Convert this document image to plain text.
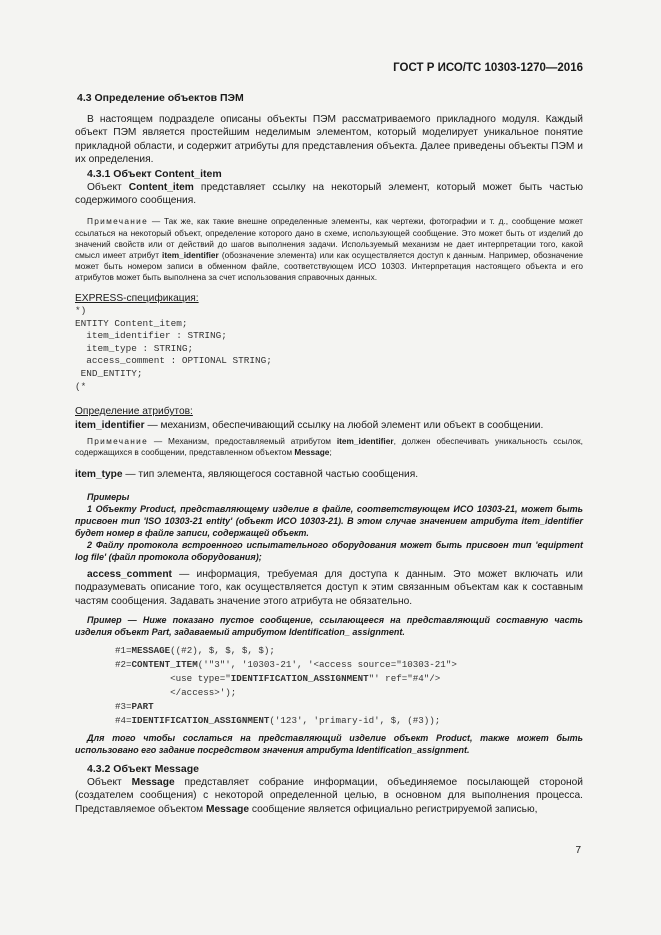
ГОСТ Р ИСО/ТС 10303-1270—2016
4.3 Определение объектов ПЭМ

В настоящем подразделе описаны объекты ПЭМ рассматриваемого прикладного модуля. Каждый объект ПЭМ является простейшим неделимым элементом, который моделирует уникальное понятие прикладной области, и содержит атрибуты для представления объекта. Далее приведены объекты ПЭМ и их определения.

4.3.1 Объект Content_item

Объект Content_item представляет ссылку на некоторый элемент, который может быть частью содержимого сообщения.

Примечание — Так же, как такие внешне определенные элементы, как чертежи, фотографии и т. д., сообщение может ссылаться на некоторый объект, определение которого дано в схеме, использующей сообщение. Это может быть от изделий до значений свойств или от действий до шагов выполнения задачи. Используемый механизм не дает интерпретации того, какой смысл имеет атрибут item_identifier (обозначение элемента) или как осуществляется доступ к данным. Например, обозначение может быть номером записи в обменном файле, соответствующем ИСО 10303. Интерпретация настоящего объекта и его атрибутов может быть выполнена за счет использования справочных данных.

EXPRESS-спецификация:

*)
ENTITY Content_item;
item_identifier : STRING;
item_type : STRING;
access_comment : OPTIONAL STRING;
END_ENTITY;
(*

Определение атрибутов:

item_identifier — механизм, обеспечивающий ссылку на любой элемент или объект в сообщении.

Примечание — Механизм, предоставляемый атрибутом item_identifier, должен обеспечивать уникальность ссылок, содержащихся в сообщении, представленном объектом Message;

item_type — тип элемента, являющегося составной частью сообщения.

Примеры

1 Объекту Product, представляющему изделие в файле, соответствующем ИСО 10303-21, может быть присвоен тип 'ISO 10303-21 entity' (объект ИСО 10303-21). В этом случае значением атрибута item_identifier будет номер в файле записи, содержащей объект.

2 Файлу протокола встроенного испытательного оборудования может быть присвоен тип 'equipment log file' (файл протокола оборудования);

access_comment — информация, требуемая для доступа к данным. Это может включать или подразумевать описание того, как осуществляется доступ к этим связанным объектам как к составным частям сообщения. Задавать значение этого атрибута не обязательно.

Пример — Ниже показано пустое сообщение, ссылающееся на представляющий составную часть изделия объект Part, задаваемый атрибутом Identification_ assignment.

#1=MESSAGE((#2), $, $, $, $);
#2=CONTENT_ITEM('"3"', '10303-21', '<access source="10303-21">
<use type="IDENTIFICATION_ASSIGNMENT"' ref="#4"/>
</access>');
#3=PART
#4=IDENTIFICATION_ASSIGNMENT('123', 'primary-id', $, (#3));

Для того чтобы сослаться на представляющий изделие объект Product, также может быть использовано его задание посредством значения атрибута Identification_assignment.

4.3.2 Объект Message

Объект Message представляет собрание информации, объединяемое посылающей стороной (создателем сообщения) с некоторой определенной целью, в основном для выполнения процесса. Представляемое объектом Message сообщение является официально регистрируемой записью,

7
